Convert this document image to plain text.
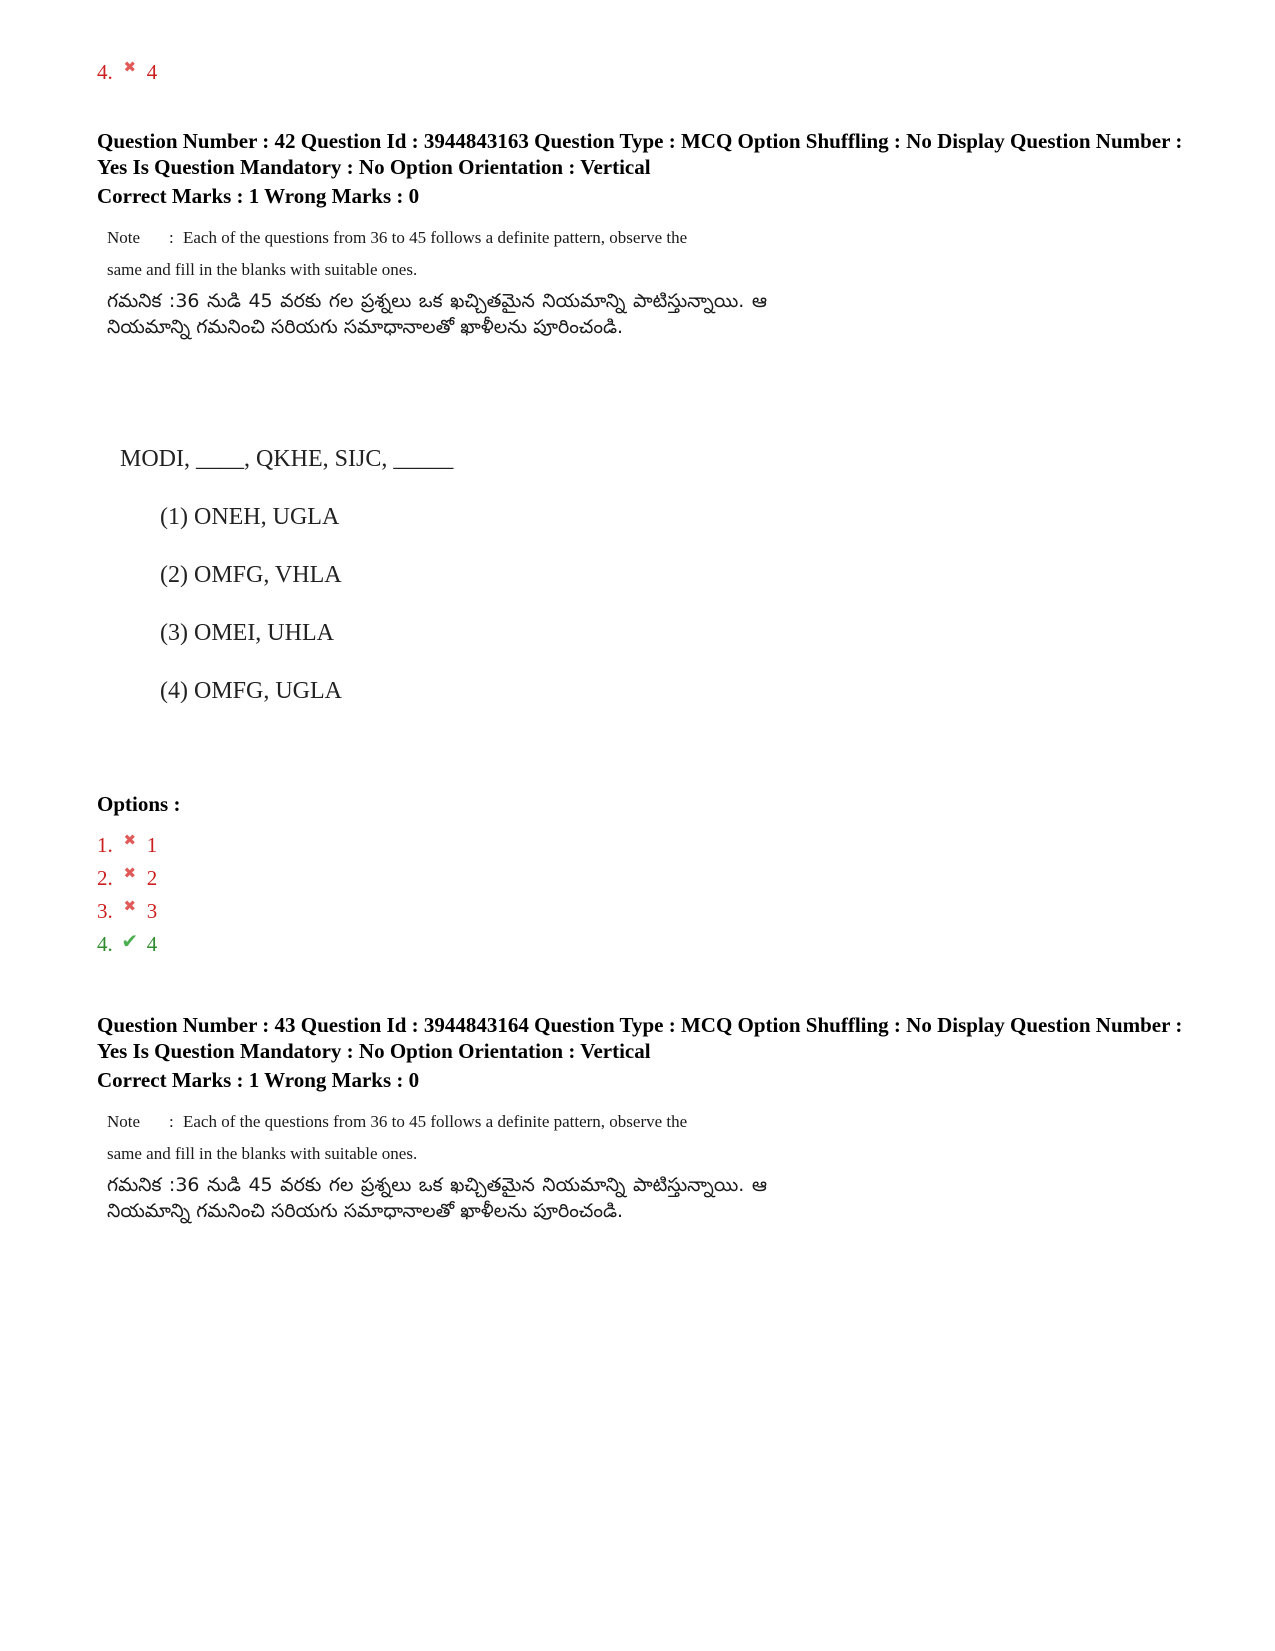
4. ✖ 4
Question Number : 42 Question Id : 3944843163 Question Type : MCQ Option Shuffling : No Display Question Number : Yes Is Question Mandatory : No Option Orientation : Vertical
Correct Marks : 1 Wrong Marks : 0
Note : Each of the questions from 36 to 45 follows a definite pattern, observe the
same and fill in the blanks with suitable ones.
గమనిక :36 నుడి 45 వరకు గల ప్రశ్నలు ఒక ఖచ్చితమైన నియమాన్ని పాటిస్తున్నాయి. ఆ నియమాన్ని గమనించి సరియగు సమాధానాలతో ఖాళీలను పూరించండి.
MODI, ____, QKHE, SIJC, _____
(1) ONEH, UGLA
(2) OMFG, VHLA
(3) OMEI, UHLA
(4) OMFG, UGLA
Options :
1. ✖ 1
2. ✖ 2
3. ✖ 3
4. ✔ 4
Question Number : 43 Question Id : 3944843164 Question Type : MCQ Option Shuffling : No Display Question Number : Yes Is Question Mandatory : No Option Orientation : Vertical
Correct Marks : 1 Wrong Marks : 0
Note : Each of the questions from 36 to 45 follows a definite pattern, observe the
same and fill in the blanks with suitable ones.
గమనిక :36 నుడి 45 వరకు గల ప్రశ్నలు ఒక ఖచ్చితమైన నియమాన్ని పాటిస్తున్నాయి. ఆ నియమాన్ని గమనించి సరియగు సమాధానాలతో ఖాళీలను పూరించండి.
